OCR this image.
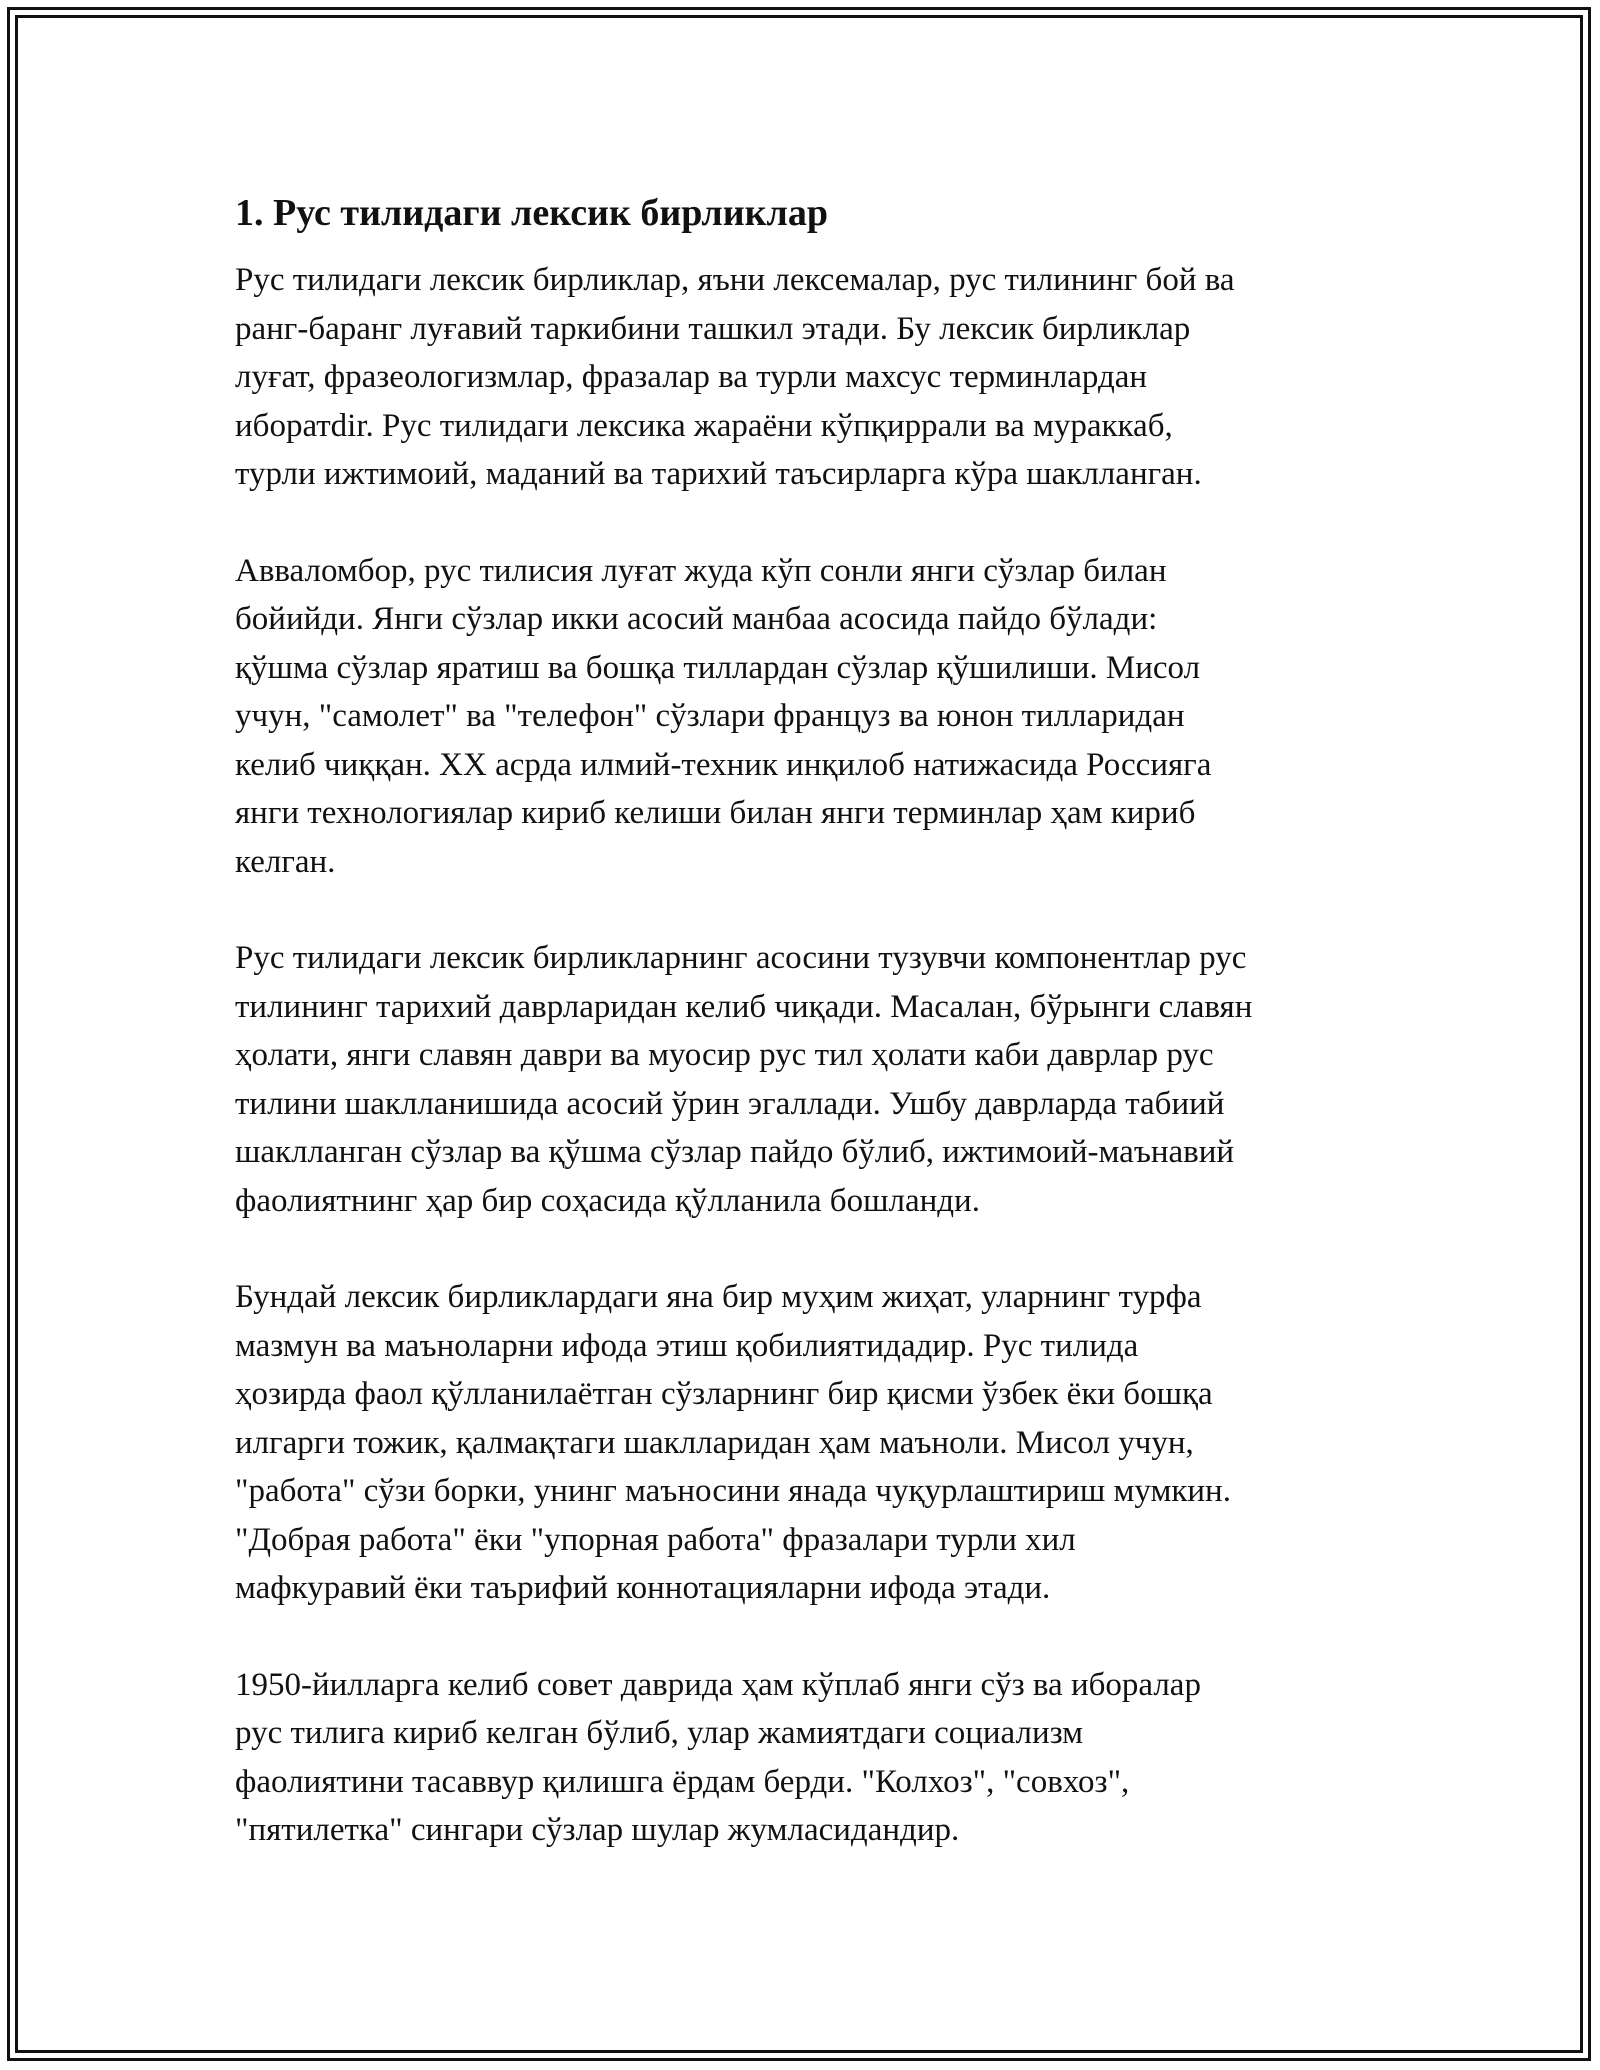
1. Рус тилидаги лексик бирликлар

Рус тилидаги лексик бирликлар, яъни лексемалар, рус тилининг бой ва
ранг-баранг луғавий таркибини ташкил этади. Бу лексик бирликлар
луғат, фразеологизмлар, фразалар ва турли махсус терминлардан
иборатdir. Рус тилидаги лексика жараёни кўпқиррали ва мураккаб,
турли ижтимоий, маданий ва тарихий таъсирларга кўра шаклланган.

Авваломбор, рус тилисия луғат жуда кўп сонли янги сўзлар билан
бойийди. Янги сўзлар икки асосий манбаа асосида пайдо бўлади:
қўшма сўзлар яратиш ва бошқа тиллардан сўзлар қўшилиши. Мисол
учун, "самолет" ва "телефон" сўзлари француз ва юнон тилларидан
келиб чиққан. XX асрда илмий-техник инқилоб натижасида Россияга
янги технологиялар кириб келиши билан янги терминлар ҳам кириб
келган.

Рус тилидаги лексик бирликларнинг асосини тузувчи компонентлар рус
тилининг тарихий даврларидан келиб чиқади. Масалан, бўрынги славян
ҳолати, янги славян даври ва муосир рус тил ҳолати каби даврлар рус
тилини шаклланишида асосий ўрин эгаллади. Ушбу даврларда табиий
шаклланган сўзлар ва қўшма сўзлар пайдо бўлиб, ижтимоий-маънавий
фаолиятнинг ҳар бир соҳасида қўлланила бошланди.

Бундай лексик бирликлардаги яна бир муҳим жиҳат, уларнинг турфа
мазмун ва маъноларни ифода этиш қобилиятидадир. Рус тилида
ҳозирда фаол қўлланилаётган сўзларнинг бир қисми ўзбек ёки бошқа
илгарги тожик, қалмақтаги шаклларидан ҳам маъноли. Мисол учун,
"работа" сўзи борки, унинг маъносини янада чуқурлаштириш мумкин.
"Добрая работа" ёки "упорная работа" фразалари турли хил
мафкуравий ёки таърифий коннотацияларни ифода этади.

1950-йилларга келиб совет даврида ҳам кўплаб янги сўз ва иборалар
рус тилига кириб келган бўлиб, улар жамиятдаги социализм
фаолиятини тасаввур қилишга ёрдам берди. "Колхоз", "совхоз",
"пятилетка" сингари сўзлар шулар жумласидандир.
